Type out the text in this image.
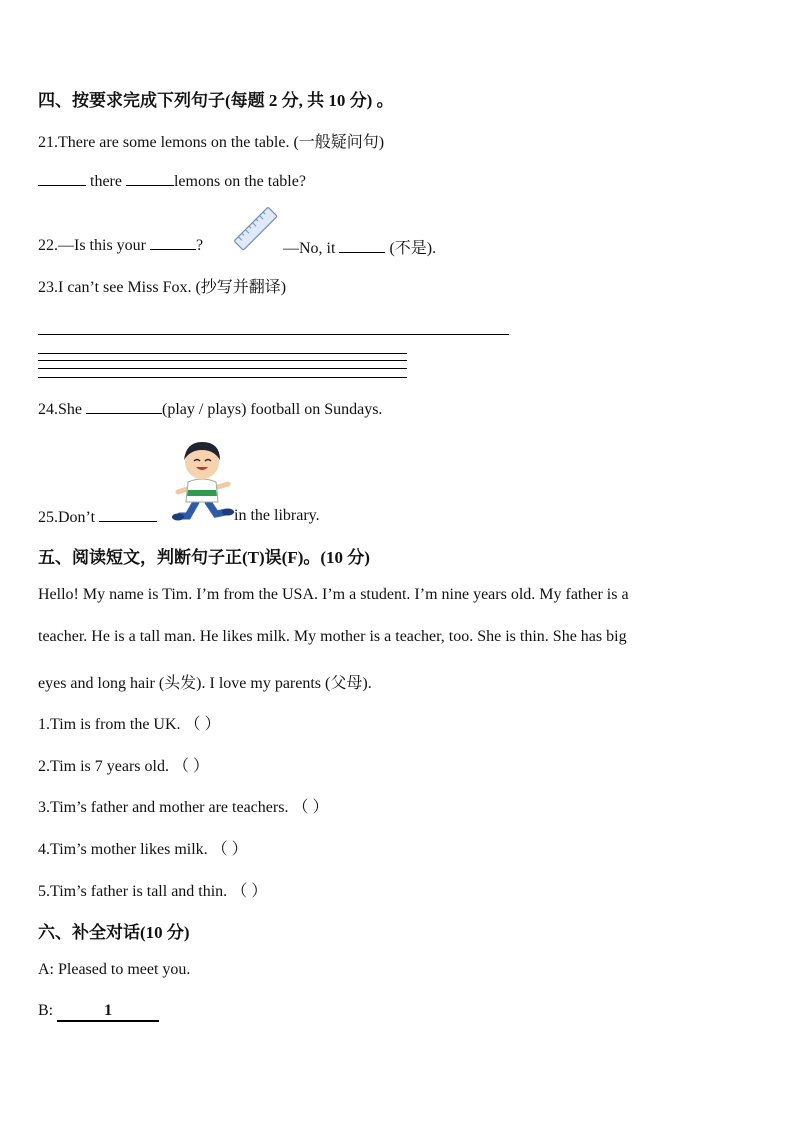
四、按要求完成下列句子(每题 2 分, 共 10 分) 。
21.There are some lemons on the table. (一般疑问句)
there	lemons on the table?
22.—Is this your	?	—No, it	(不是).
23.I can’t see Miss Fox. (抄写并翻译)
24.She	(play / plays) football on Sundays.
25.Don’t	in the library.
五、阅读短文，判断句子正(T)误(F)。(10 分)
Hello! My name is Tim. I’m from the USA. I’m a student. I’m nine years old. My father is a
teacher. He is a tall man. He likes milk. My mother is a teacher, too. She is thin. She has big
eyes and long hair (头发). I love my parents (父母).
1.Tim is from the UK. （ ）
2.Tim is 7 years old. （ ）
3.Tim’s father and mother are teachers. （ ）
4.Tim’s mother likes milk. （ ）
5.Tim’s father is tall and thin. （ ）
六、补全对话(10 分)
A: Pleased to meet you.
B:	1
